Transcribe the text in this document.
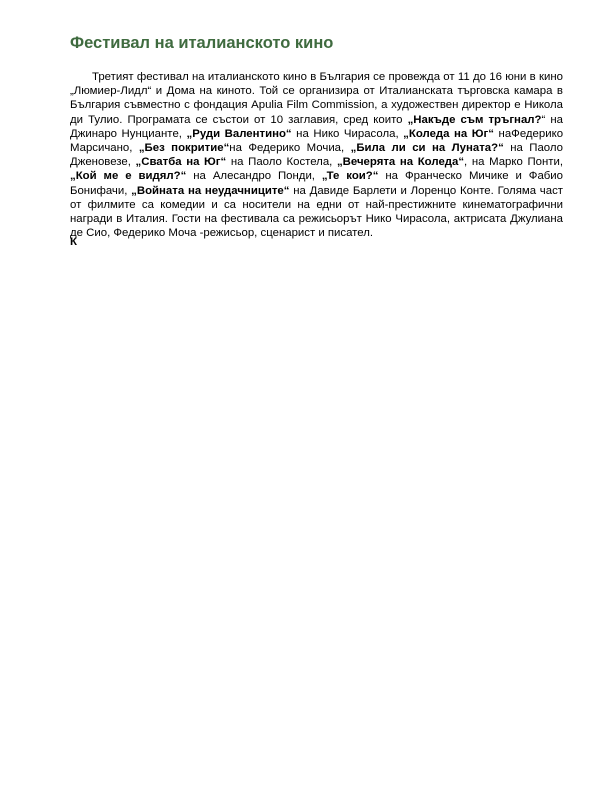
Фестивал на италианското кино

Третият фестивал на италианското кино в България се провежда от 11 до 16 юни в кино „Люмиер-Лидл“ и Дома на киното. Той се организира от Италианската търговска камара в България съвместно с фондация Apulia Film Commission, а художествен директор е Никола ди Тулио. Програмата се състои от 10 заглавия, сред които „Накъде съм тръгнал?“ на Джинаро Нунциантe, „Руди Валентино“ на Нико Чирасола, „Коледа на Юг“ наФедерико Марсичано, „Без покритие“на Федерико Мочиа, „Била ли си на Луната?“ на Паоло Дженовезе, „Сватба на Юг“ на Паоло Костела, „Вечерята на Коледа“, на Марко Понти, „Кой ме е видял?“ на Алесандро Понди, „Те кои?“ на Франческо Мичике и Фабио Бонифачи, „Войната на неудачниците“ на Давиде Барлети и Лоренцо Конте. Голяма част от филмите са комедии и са носители на едни от най-престижните кинематографични награди в Италия. Гости на фестивала са режисьорът Нико Чирасола, актрисата Джулиана де Сио, Федерико Моча -режисьор, сценарист и писател.

К
